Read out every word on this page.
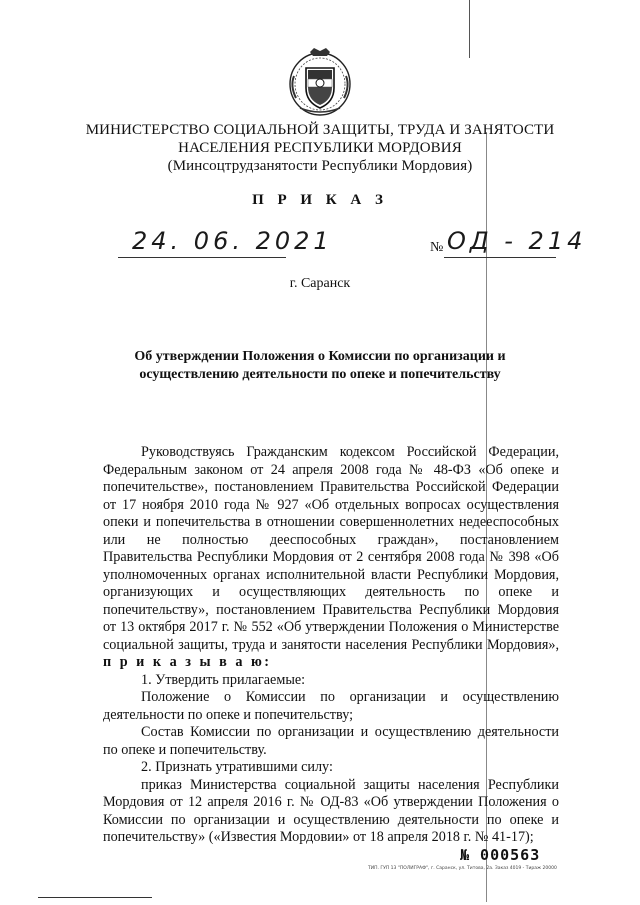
МИНИСТЕРСТВО СОЦИАЛЬНОЙ ЗАЩИТЫ, ТРУДА И ЗАНЯТОСТИ
НАСЕЛЕНИЯ РЕСПУБЛИКИ МОРДОВИЯ
(Минсоцтрудзанятости Республики Мордовия)
П Р И К А З
24. 06. 2021	№ ОД - 214
г. Саранск
Об утверждении Положения о Комиссии по организации и
осуществлению деятельности по опеке и попечительству

Руководствуясь Гражданским кодексом Российской Федерации, Федеральным законом от 24 апреля 2008 года № 48-ФЗ «Об опеке и попечительстве», постановлением Правительства Российской Федерации от 17 ноября 2010 года № 927 «Об отдельных вопросах осуществления опеки и попечительства в отношении совершеннолетних недееспособных или не полностью дееспособных граждан», постановлением Правительства Республики Мордовия от 2 сентября 2008 года № 398 «Об уполномоченных органах исполнительной власти Республики Мордовия, организующих и осуществляющих деятельность по опеке и попечительству», постановлением Правительства Республики Мордовия от 13 октября 2017 г. № 552 «Об утверждении Положения о Министерстве социальной защиты, труда и занятости населения Республики Мордовия», п р и к а з ы в а ю:

1. Утвердить прилагаемые:

Положение о Комиссии по организации и осуществлению деятельности по опеке и попечительству;

Состав Комиссии по организации и осуществлению деятельности по опеке и попечительству.

2. Признать утратившими силу:

приказ Министерства социальной защиты населения Республики Мордовия от 12 апреля 2016 г. № ОД-83 «Об утверждении Положения о Комиссии по организации и осуществлению деятельности по опеке и попечительству» («Известия Мордовии» от 18 апреля 2018 г. № 41-17);

№ 000563
ТИП. ГУП 13 "ПОЛИГРАФ", г. Саранск, ул. Титова, 2а. Заказ 4019 - Тираж 20000
